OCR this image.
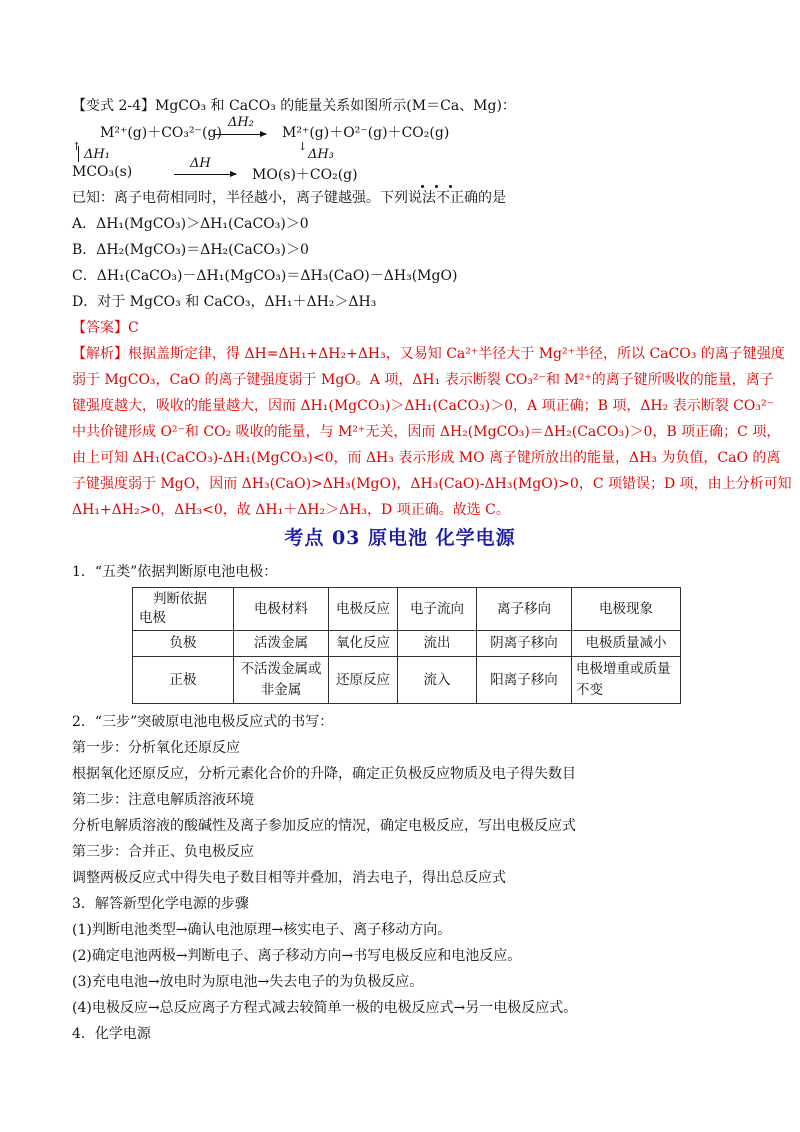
【变式 2-4】MgCO₃ 和 CaCO₃ 的能量关系如图所示(M＝Ca、Mg)：
M²⁺(g)＋CO₃²⁻(g)
ΔH₂
M²⁺(g)＋O²⁻(g)＋CO₂(g)
↑
ΔH₁
↓
ΔH₃
MCO₃(s)
ΔH
MO(s)＋CO₂(g)
已知：离子电荷相同时，半径越小，离子键越强。下列说法不正确的是
A．ΔH₁(MgCO₃)＞ΔH₁(CaCO₃)＞0
B．ΔH₂(MgCO₃)＝ΔH₂(CaCO₃)＞0
C．ΔH₁(CaCO₃)－ΔH₁(MgCO₃)＝ΔH₃(CaO)－ΔH₃(MgO)
D．对于 MgCO₃ 和 CaCO₃，ΔH₁＋ΔH₂＞ΔH₃
【答案】C
【解析】根据盖斯定律，得 ΔH=ΔH₁+ΔH₂+ΔH₃，又易知 Ca²⁺半径大于 Mg²⁺半径，所以 CaCO₃ 的离子键强度
弱于 MgCO₃，CaO 的离子键强度弱于 MgO。A 项，ΔH₁ 表示断裂 CO₃²⁻和 M²⁺的离子键所吸收的能量，离子
键强度越大，吸收的能量越大，因而 ΔH₁(MgCO₃)＞ΔH₁(CaCO₃)＞0，A 项正确；B 项，ΔH₂ 表示断裂 CO₃²⁻
中共价键形成 O²⁻和 CO₂ 吸收的能量，与 M²⁺无关，因而 ΔH₂(MgCO₃)＝ΔH₂(CaCO₃)＞0，B 项正确；C 项，
由上可知 ΔH₁(CaCO₃)-ΔH₁(MgCO₃)<0，而 ΔH₃ 表示形成 MO 离子键所放出的能量，ΔH₃ 为负值，CaO 的离
子键强度弱于 MgO，因而 ΔH₃(CaO)>ΔH₃(MgO)，ΔH₃(CaO)-ΔH₃(MgO)>0，C 项错误；D 项，由上分析可知
ΔH₁+ΔH₂>0，ΔH₃<0，故 ΔH₁＋ΔH₂＞ΔH₃，D 项正确。故选 C。
考点 03 原电池 化学电源
1．“五类”依据判断原电池电极：
判断依据
电极	电极材料	电极反应	电子流向	离子移向	电极现象
负极	活泼金属	氧化反应	流出	阴离子移向	电极质量减小
正极	不活泼金属或非金属	还原反应	流入	阳离子移向	电极增重或质量不变
2．“三步”突破原电池电极反应式的书写：
第一步：分析氧化还原反应
根据氧化还原反应，分析元素化合价的升降，确定正负极反应物质及电子得失数目
第二步：注意电解质溶液环境
分析电解质溶液的酸碱性及离子参加反应的情况，确定电极反应，写出电极反应式
第三步：合并正、负电极反应
调整两极反应式中得失电子数目相等并叠加，消去电子，得出总反应式
3．解答新型化学电源的步骤
(1)判断电池类型→确认电池原理→核实电子、离子移动方向。
(2)确定电池两极→判断电子、离子移动方向→书写电极反应和电池反应。
(3)充电电池→放电时为原电池→失去电子的为负极反应。
(4)电极反应→总反应离子方程式减去较简单一极的电极反应式→另一电极反应式。
4．化学电源
